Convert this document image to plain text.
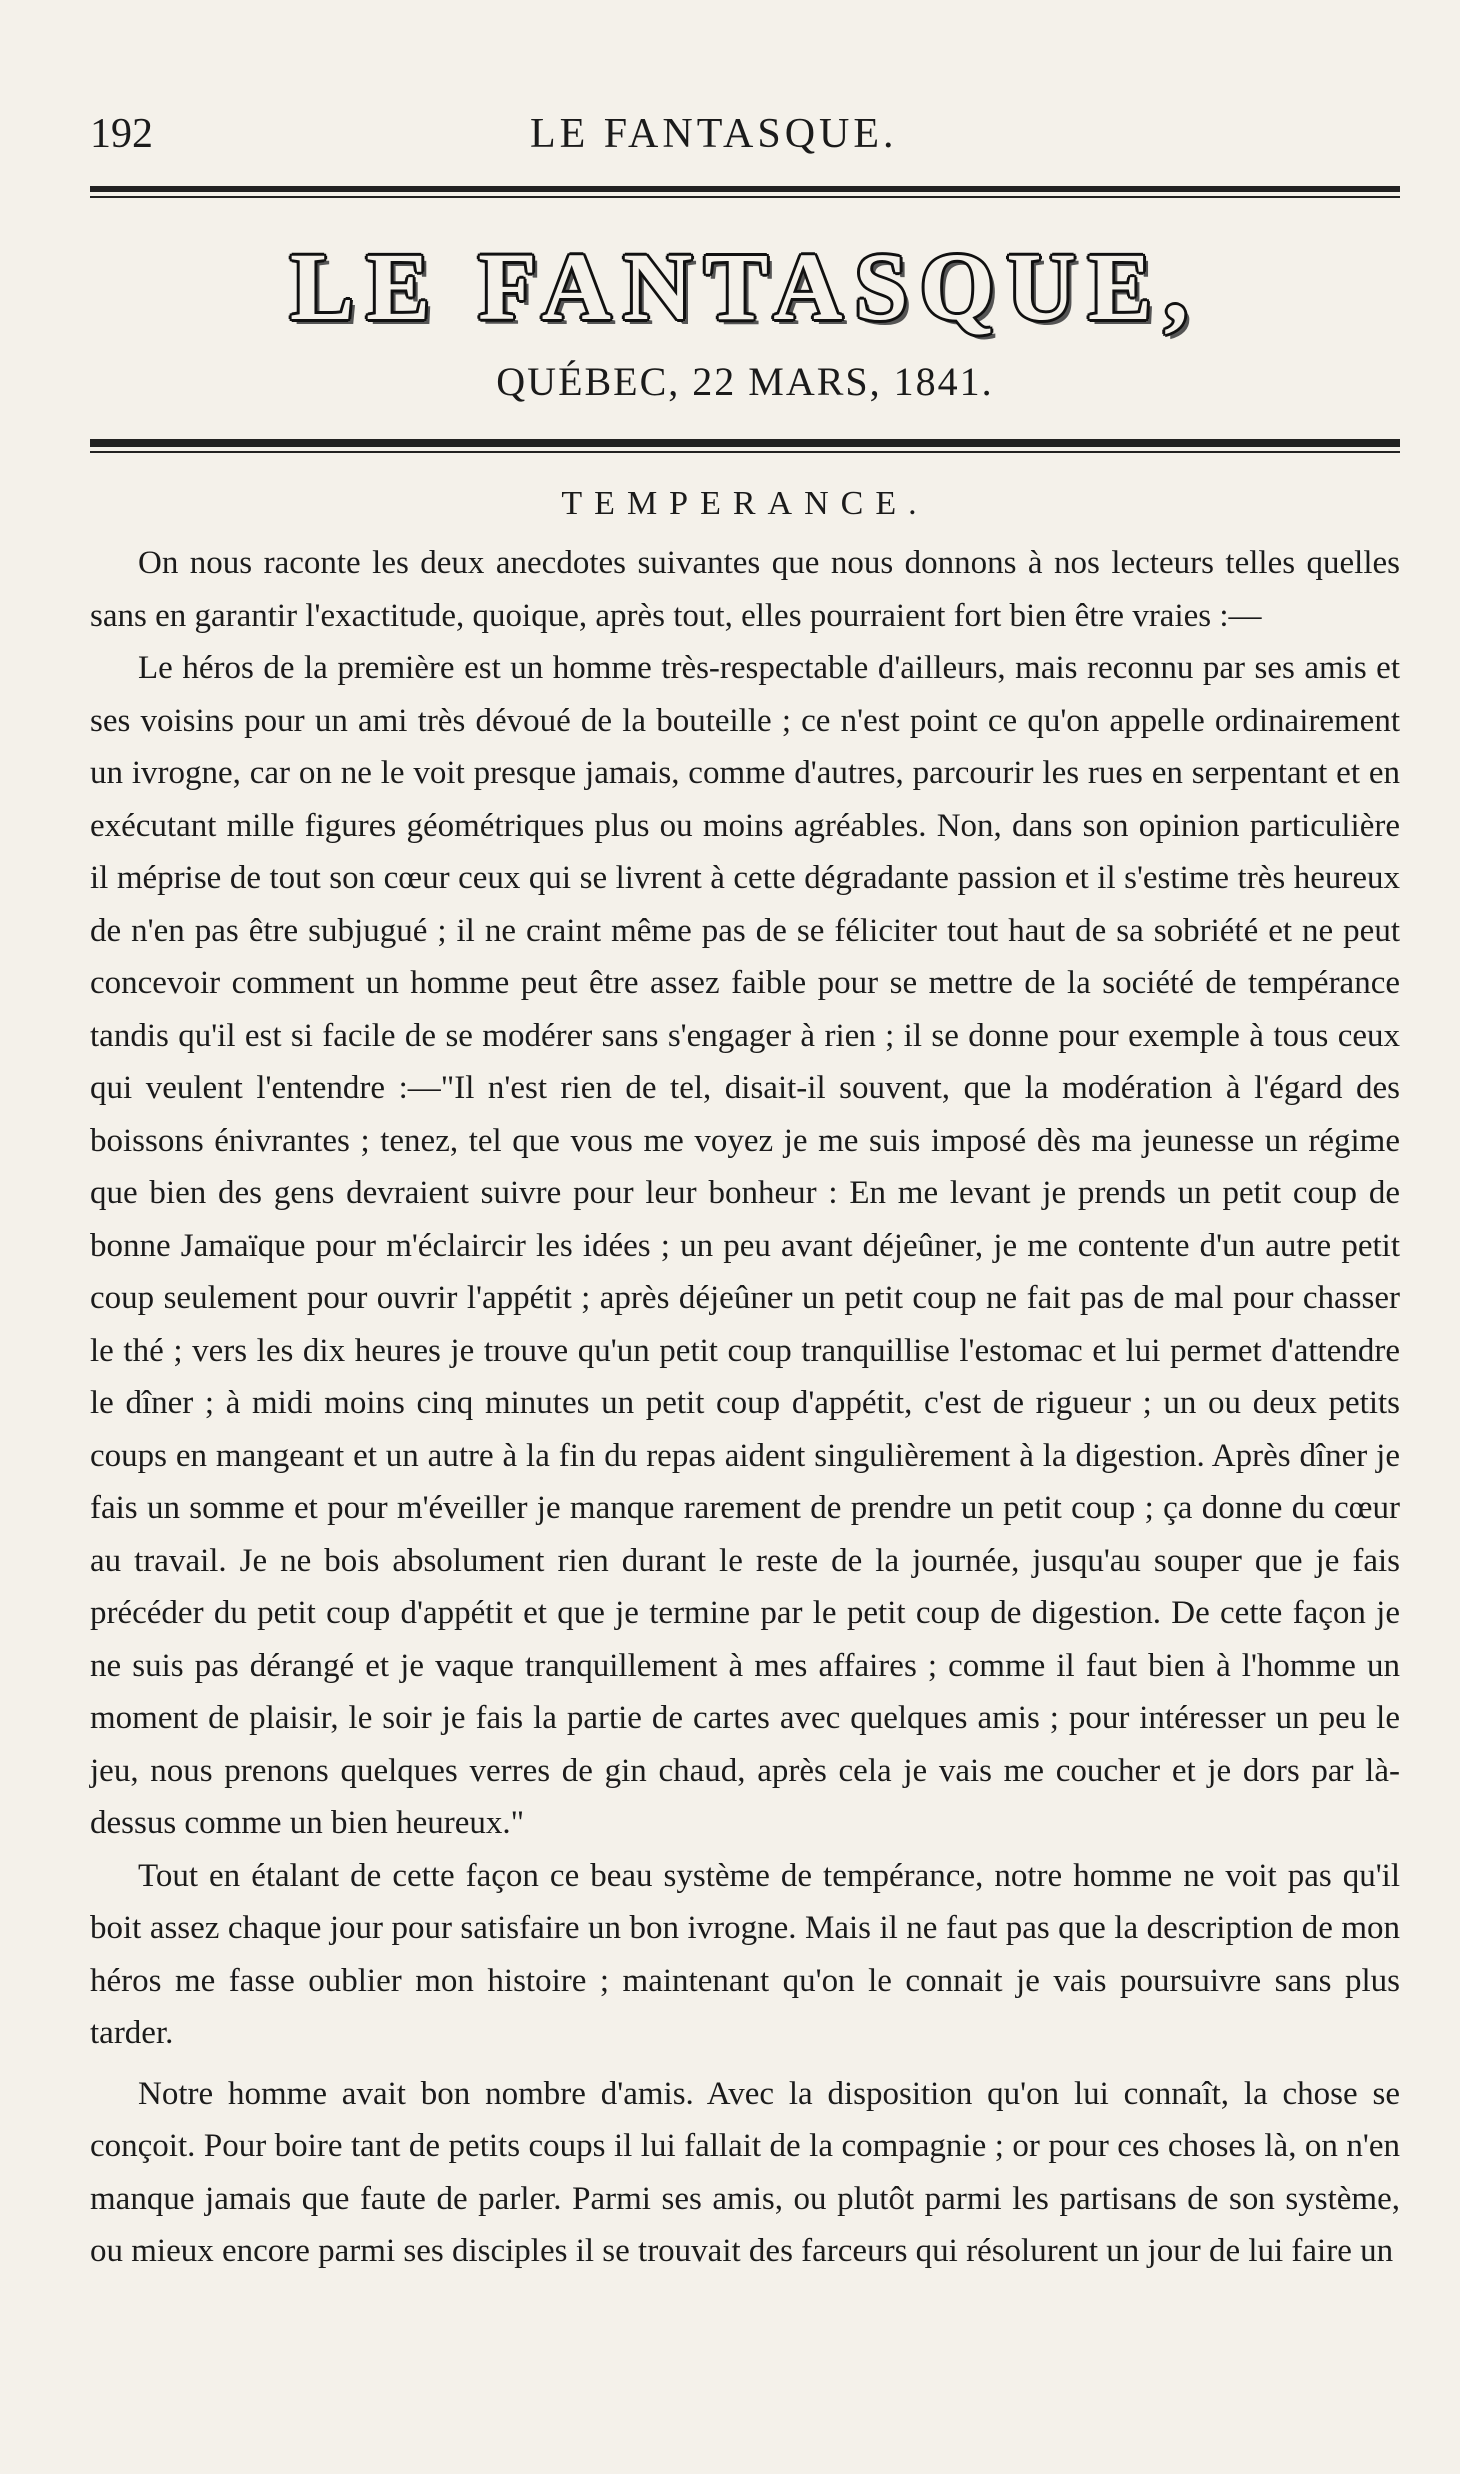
192	LE FANTASQUE.
LE FANTASQUE,
QUÉBEC, 22 MARS, 1841.
TEMPERANCE.

On nous raconte les deux anecdotes suivantes que nous donnons à nos lecteurs telles quelles sans en garantir l'exactitude, quoique, après tout, elles pourraient fort bien être vraies :—

Le héros de la première est un homme très-respectable d'ailleurs, mais reconnu par ses amis et ses voisins pour un ami très dévoué de la bouteille ; ce n'est point ce qu'on appelle ordinairement un ivrogne, car on ne le voit presque jamais, comme d'autres, parcourir les rues en serpentant et en exécutant mille figures géométriques plus ou moins agréables. Non, dans son opinion particulière il méprise de tout son cœur ceux qui se livrent à cette dégradante passion et il s'estime très heureux de n'en pas être subjugué ; il ne craint même pas de se féliciter tout haut de sa sobriété et ne peut concevoir comment un homme peut être assez faible pour se mettre de la société de tempérance tandis qu'il est si facile de se modérer sans s'engager à rien ; il se donne pour exemple à tous ceux qui veulent l'entendre :—"Il n'est rien de tel, disait-il souvent, que la modération à l'égard des boissons énivrantes ; tenez, tel que vous me voyez je me suis imposé dès ma jeunesse un régime que bien des gens devraient suivre pour leur bonheur : En me levant je prends un petit coup de bonne Jamaïque pour m'éclaircir les idées ; un peu avant déjeûner, je me contente d'un autre petit coup seulement pour ouvrir l'appétit ; après déjeûner un petit coup ne fait pas de mal pour chasser le thé ; vers les dix heures je trouve qu'un petit coup tranquillise l'estomac et lui permet d'attendre le dîner ; à midi moins cinq minutes un petit coup d'appétit, c'est de rigueur ; un ou deux petits coups en mangeant et un autre à la fin du repas aident singulièrement à la digestion. Après dîner je fais un somme et pour m'éveiller je manque rarement de prendre un petit coup ; ça donne du cœur au travail. Je ne bois absolument rien durant le reste de la journée, jusqu'au souper que je fais précéder du petit coup d'appétit et que je termine par le petit coup de digestion. De cette façon je ne suis pas dérangé et je vaque tranquillement à mes affaires ; comme il faut bien à l'homme un moment de plaisir, le soir je fais la partie de cartes avec quelques amis ; pour intéresser un peu le jeu, nous prenons quelques verres de gin chaud, après cela je vais me coucher et je dors par là-dessus comme un bien heureux."

Tout en étalant de cette façon ce beau système de tempérance, notre homme ne voit pas qu'il boit assez chaque jour pour satisfaire un bon ivrogne. Mais il ne faut pas que la description de mon héros me fasse oublier mon histoire ; maintenant qu'on le connait je vais poursuivre sans plus tarder.

Notre homme avait bon nombre d'amis. Avec la disposition qu'on lui connaît, la chose se conçoit. Pour boire tant de petits coups il lui fallait de la compagnie ; or pour ces choses là, on n'en manque jamais que faute de parler. Parmi ses amis, ou plutôt parmi les partisans de son système, ou mieux encore parmi ses disciples il se trouvait des farceurs qui résolurent un jour de lui faire un
